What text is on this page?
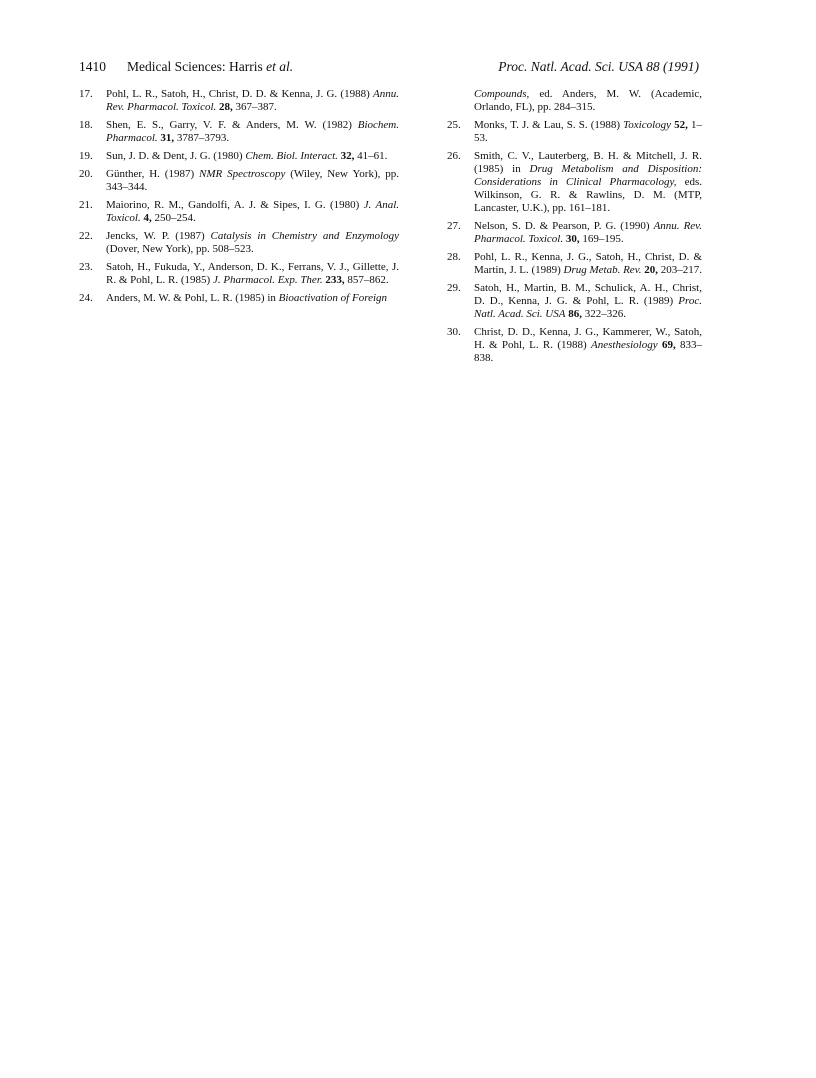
1410 Medical Sciences: Harris et al.	Proc. Natl. Acad. Sci. USA 88 (1991)
17. Pohl, L. R., Satoh, H., Christ, D. D. & Kenna, J. G. (1988) Annu. Rev. Pharmacol. Toxicol. 28, 367–387.
18. Shen, E. S., Garry, V. F. & Anders, M. W. (1982) Biochem. Pharmacol. 31, 3787–3793.
19. Sun, J. D. & Dent, J. G. (1980) Chem. Biol. Interact. 32, 41–61.
20. Günther, H. (1987) NMR Spectroscopy (Wiley, New York), pp. 343–344.
21. Maiorino, R. M., Gandolfi, A. J. & Sipes, I. G. (1980) J. Anal. Toxicol. 4, 250–254.
22. Jencks, W. P. (1987) Catalysis in Chemistry and Enzymology (Dover, New York), pp. 508–523.
23. Satoh, H., Fukuda, Y., Anderson, D. K., Ferrans, V. J., Gillette, J. R. & Pohl, L. R. (1985) J. Pharmacol. Exp. Ther. 233, 857–862.
24. Anders, M. W. & Pohl, L. R. (1985) in Bioactivation of Foreign
Compounds, ed. Anders, M. W. (Academic, Orlando, FL), pp. 284–315.
25. Monks, T. J. & Lau, S. S. (1988) Toxicology 52, 1–53.
26. Smith, C. V., Lauterberg, B. H. & Mitchell, J. R. (1985) in Drug Metabolism and Disposition: Considerations in Clinical Pharmacology, eds. Wilkinson, G. R. & Rawlins, D. M. (MTP, Lancaster, U.K.), pp. 161–181.
27. Nelson, S. D. & Pearson, P. G. (1990) Annu. Rev. Pharmacol. Toxicol. 30, 169–195.
28. Pohl, L. R., Kenna, J. G., Satoh, H., Christ, D. & Martin, J. L. (1989) Drug Metab. Rev. 20, 203–217.
29. Satoh, H., Martin, B. M., Schulick, A. H., Christ, D. D., Kenna, J. G. & Pohl, L. R. (1989) Proc. Natl. Acad. Sci. USA 86, 322–326.
30. Christ, D. D., Kenna, J. G., Kammerer, W., Satoh, H. & Pohl, L. R. (1988) Anesthesiology 69, 833–838.
